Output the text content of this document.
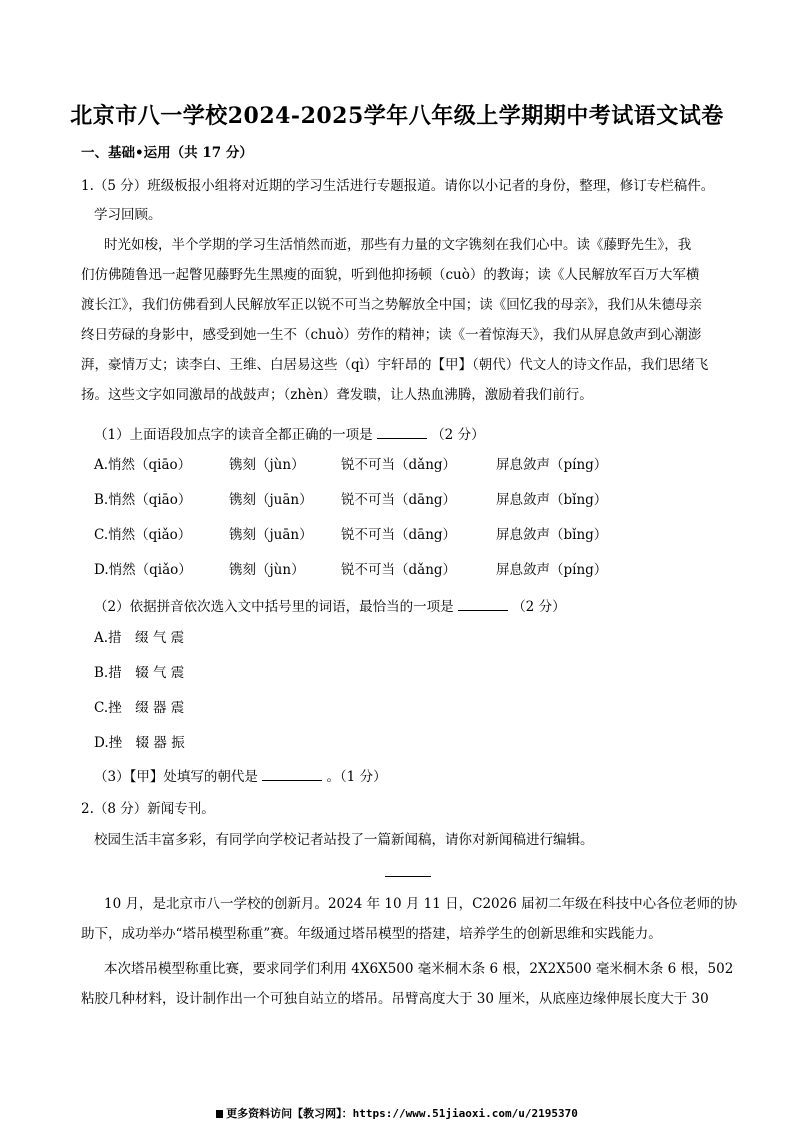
北京市八一学校2024-2025学年八年级上学期期中考试语文试卷
一、基础•运用（共 17 分）
1.（5 分）班级板报小组将对近期的学习生活进行专题报道。请你以小记者的身份，整理，修订专栏稿件。
学习回顾。
时光如梭，半个学期的学习生活悄然而逝，那些有力量的文字镌刻在我们心中。读《藤野先生》，我
们仿佛随鲁迅一起瞥见藤野先生黑瘦的面貌，听到他抑扬顿（cuò）的教诲；读《人民解放军百万大军横
渡长江》，我们仿佛看到人民解放军正以锐不可当之势解放全中国；读《回忆我的母亲》，我们从朱德母亲
终日劳碌的身影中，感受到她一生不（chuò）劳作的精神；读《一着惊海天》，我们从屏息敛声到心潮澎
湃，豪情万丈；读李白、王维、白居易这些（qì）宇轩昂的【甲】（朝代）代文人的诗文作品，我们思绪飞
扬。这些文字如同激昂的战鼓声；（zhèn）聋发聩，让人热血沸腾，激励着我们前行。
（1）上面语段加点字的读音全都正确的一项是	（2 分）
A.悄然（qiāo）	镌刻（jùn）	锐不可当（dǎng）	屏息敛声（píng）
B.悄然（qiāo）	镌刻（juān） 锐不可当（dāng）	屏息敛声（bǐng）
C.悄然（qiǎo）	镌刻（juān） 锐不可当（dāng）	屏息敛声（bǐng）
D.悄然（qiǎo）	镌刻（jùn）	锐不可当（dǎng）	屏息敛声（píng）
（2）依据拼音依次选入文中括号里的词语，最恰当的一项是	（2 分）
A.措　缀 气 震
B.措　辍 气 震
C.挫　缀 器 震
D.挫　辍 器 振
（3）【甲】处填写的朝代是	。（1 分）
2.（8 分）新闻专刊。
校园生活丰富多彩，有同学向学校记者站投了一篇新闻稿，请你对新闻稿进行编辑。
10 月，是北京市八一学校的创新月。2024 年 10 月 11 日，C2026 届初二年级在科技中心各位老师的协
助下，成功举办“塔吊模型称重”赛。年级通过塔吊模型的搭建，培养学生的创新思维和实践能力。
本次塔吊模型称重比赛，要求同学们利用 4X6X500 毫米桐木条 6 根，2X2X500 毫米桐木条 6 根，502
粘胶几种材料，设计制作出一个可独自站立的塔吊。吊臂高度大于 30 厘米，从底座边缘伸展长度大于 30
更多资料访问【教习网】：https://www.51jiaoxi.com/u/2195370
